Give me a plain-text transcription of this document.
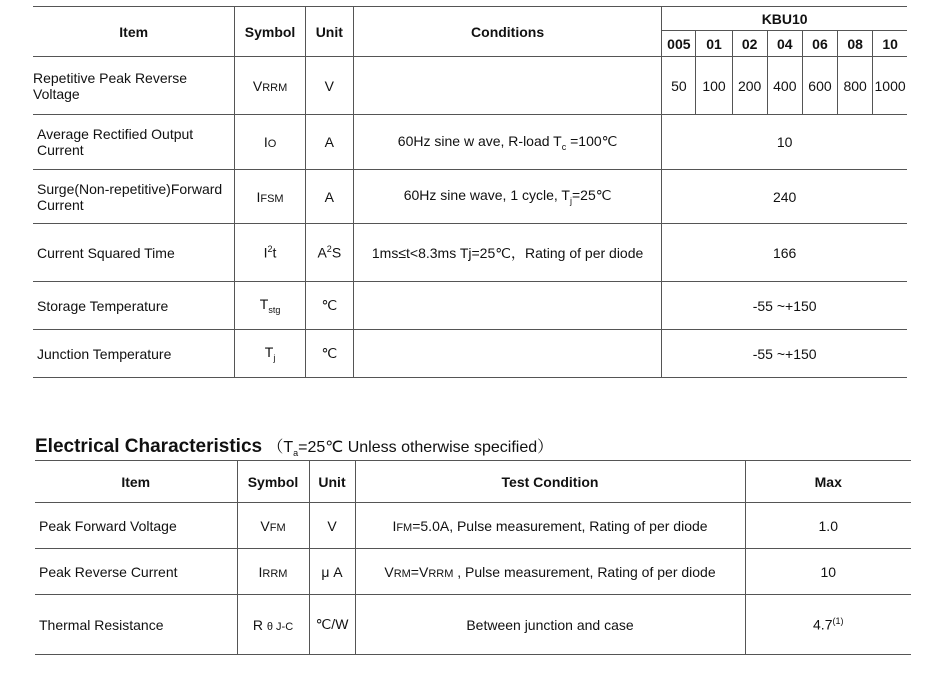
Item	Symbol	Unit	Conditions	KBU10						
				005	01	02	04	06	08	10
Repetitive Peak Reverse Voltage	VRRM	V		50	100	200	400	600	800	1000
Average Rectified Output Current	IO	A	60Hz sine w ave, R-load $T_c$ =100℃	10						
Surge(Non-repetitive)Forward Current	IFSM	A	60Hz sine wave, 1 cycle, $T_j=25℃$	240						
Current Squared Time	$I^2t$	$A^2S$	1ms≤t<8.3ms Tj=25℃，Rating of per diode	166						
Storage Temperature	$T_{stg}$	℃		-55 ~+150						
Junction Temperature	$T_j$	℃		-55 ~+150						
Electrical Characteristics （$T_a=25℃$ Unless otherwise specified）
Item	Symbol	Unit	Test Condition	Max
Peak Forward Voltage	VFM	V	IFM=5.0A, Pulse measurement, Rating of per diode	1.0
Peak Reverse Current	IRRM	μ A	VRM=VRRM , Pulse measurement, Rating of per diode	10
Thermal Resistance	R θ J-C	℃/W	Between junction and case	4.7$^{(1)}$
